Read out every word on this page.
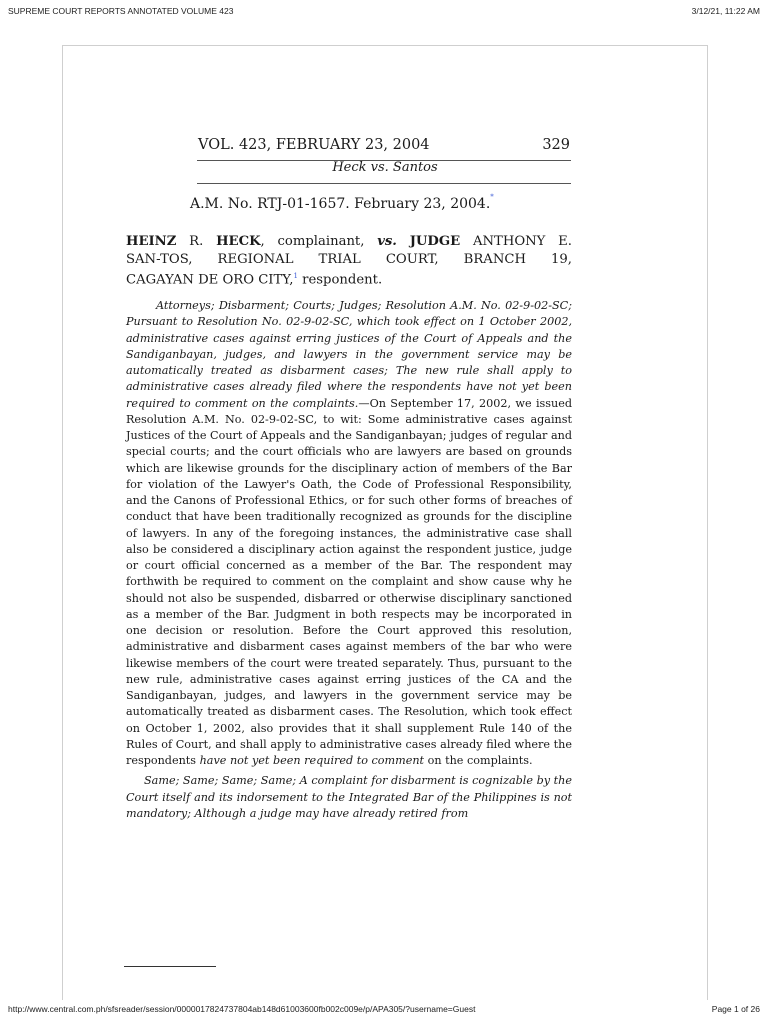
SUPREME COURT REPORTS ANNOTATED VOLUME 423	3/12/21, 11:22 AM
VOL. 423, FEBRUARY 23, 2004	329
Heck vs. Santos
A.M. No. RTJ-01-1657. February 23, 2004.*
HEINZ R. HECK, complainant, vs. JUDGE ANTHONY E.
SAN-TOS, REGIONAL TRIAL COURT, BRANCH 19,
CAGAYAN DE ORO CITY,$^1$ respondent.

Attorneys; Disbarment; Courts; Judges; Resolution A.M. No. 02-9-02-SC; Pursuant to Resolution No. 02-9-02-SC, which took effect on 1 October 2002, administrative cases against erring justices of the Court of Appeals and the Sandiganbayan, judges, and lawyers in the government service may be automatically treated as disbarment cases; The new rule shall apply to administrative cases already filed where the respondents have not yet been required to comment on the complaints.—On September 17, 2002, we issued Resolution A.M. No. 02-9-02-SC, to wit: Some administrative cases against Justices of the Court of Appeals and the Sandiganbayan; judges of regular and special courts; and the court officials who are lawyers are based on grounds which are likewise grounds for the disciplinary action of members of the Bar for violation of the Lawyer's Oath, the Code of Professional Responsibility, and the Canons of Professional Ethics, or for such other forms of breaches of conduct that have been traditionally recognized as grounds for the discipline of lawyers. In any of the foregoing instances, the administrative case shall also be considered a disciplinary action against the respondent justice, judge or court official concerned as a member of the Bar. The respondent may forthwith be required to comment on the complaint and show cause why he should not also be suspended, disbarred or otherwise disciplinary sanctioned as a member of the Bar. Judgment in both respects may be incorporated in one decision or resolution. Before the Court approved this resolution, administrative and disbarment cases against members of the bar who were likewise members of the court were treated separately. Thus, pursuant to the new rule, administrative cases against erring justices of the CA and the Sandiganbayan, judges, and lawyers in the government service may be automatically treated as disbarment cases. The Resolution, which took effect on October 1, 2002, also provides that it shall supplement Rule 140 of the Rules of Court, and shall apply to administrative cases already filed where the respondents have not yet been required to comment on the complaints.

Same; Same; Same; Same; A complaint for disbarment is cognizable by the Court itself and its indorsement to the Integrated Bar of the Philippines is not mandatory; Although a judge may have already retired from

http://www.central.com.ph/sfsreader/session/0000017824737804ab148d61003600fb002c009e/p/APA305/?username=Guest	Page 1 of 26
